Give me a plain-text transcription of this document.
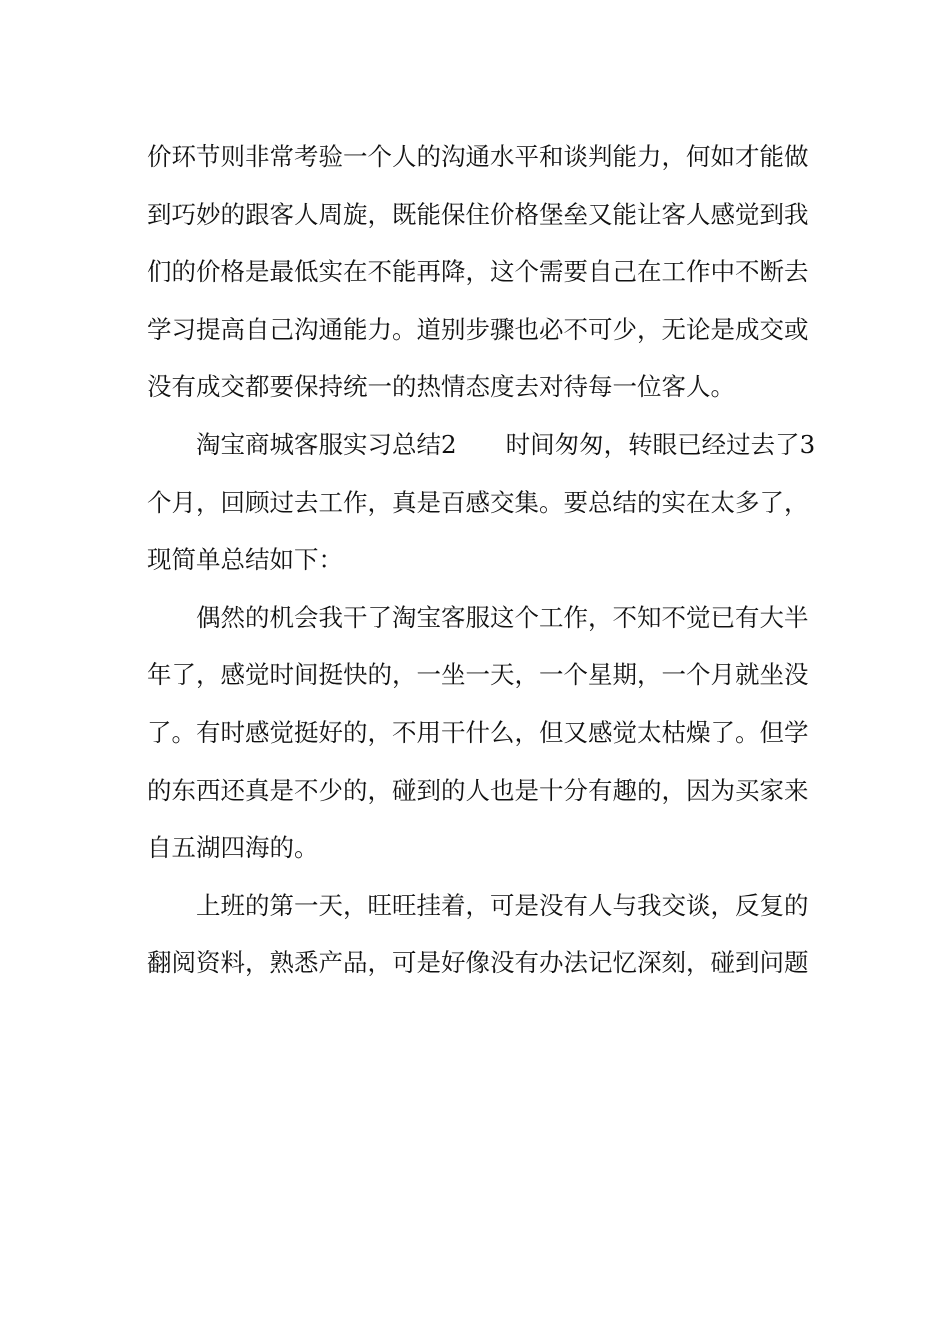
价环节则非常考验一个人的沟通水平和谈判能力，何如才能做
到巧妙的跟客人周旋，既能保住价格堡垒又能让客人感觉到我
们的价格是最低实在不能再降，这个需要自己在工作中不断去
学习提高自己沟通能力。道别步骤也必不可少，无论是成交或
没有成交都要保持统一的热情态度去对待每一位客人。
淘宝商城客服实习总结2 时间匆匆，转眼已经过去了3
个月，回顾过去工作，真是百感交集。要总结的实在太多了，
现简单总结如下：
偶然的机会我干了淘宝客服这个工作，不知不觉已有大半
年了，感觉时间挺快的，一坐一天，一个星期，一个月就坐没
了。有时感觉挺好的，不用干什么，但又感觉太枯燥了。但学
的东西还真是不少的，碰到的人也是十分有趣的，因为买家来
自五湖四海的。
上班的第一天，旺旺挂着，可是没有人与我交谈，反复的
翻阅资料，熟悉产品，可是好像没有办法记忆深刻，碰到问题
